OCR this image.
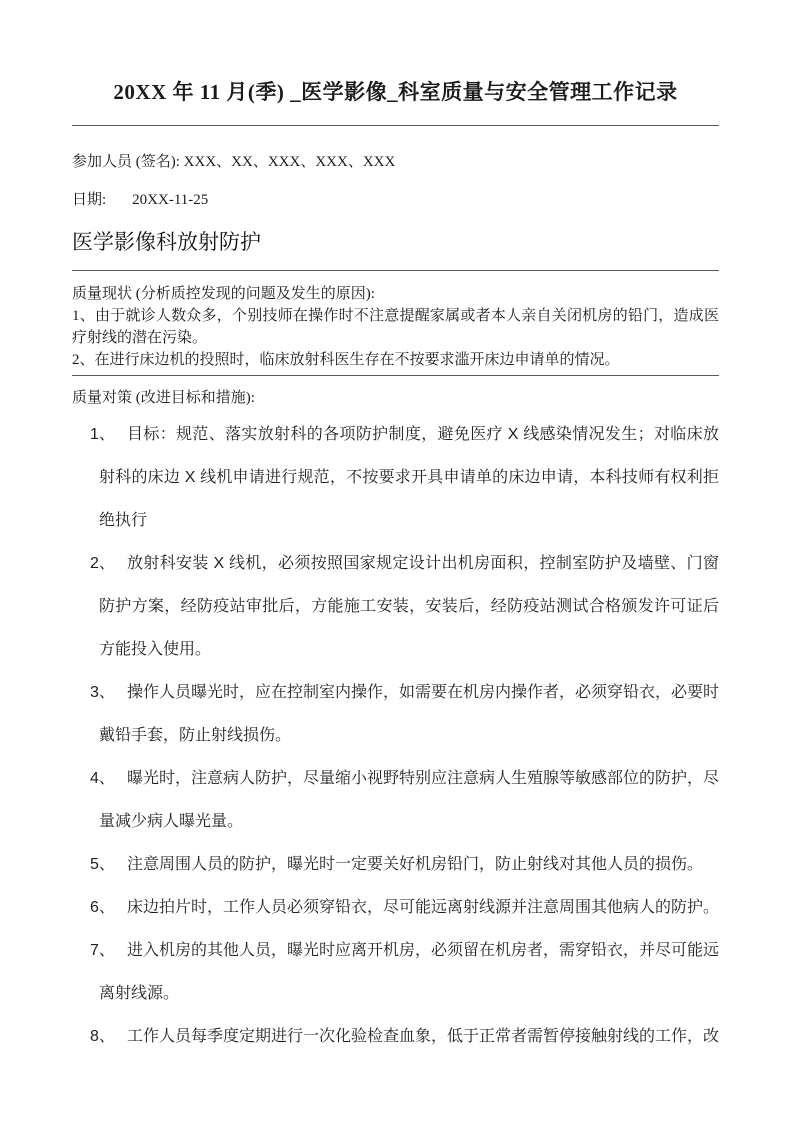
20XX 年 11 月(季) _医学影像_科室质量与安全管理工作记录
参加人员 (签名): XXX、XX、XXX、XXX、XXX
日期: 20XX-11-25
医学影像科放射防护
质量现状 (分析质控发现的问题及发生的原因):
1、由于就诊人数众多，个别技师在操作时不注意提醒家属或者本人亲自关闭机房的铅门，造成医疗射线的潜在污染。
2、在进行床边机的投照时，临床放射科医生存在不按要求滥开床边申请单的情况。
质量对策 (改进目标和措施):
1、 目标：规范、落实放射科的各项防护制度，避免医疗 X 线感染情况发生；对临床放射科的床边 X 线机申请进行规范，不按要求开具申请单的床边申请，本科技师有权利拒绝执行
2、 放射科安装 X 线机，必须按照国家规定设计出机房面积，控制室防护及墙壁、门窗防护方案，经防疫站审批后，方能施工安装，安装后，经防疫站测试合格颁发许可证后方能投入使用。
3、 操作人员曝光时，应在控制室内操作，如需要在机房内操作者，必须穿铅衣，必要时戴铅手套，防止射线损伤。
4、 曝光时，注意病人防护，尽量缩小视野特别应注意病人生殖腺等敏感部位的防护，尽量减少病人曝光量。
5、 注意周围人员的防护，曝光时一定要关好机房铅门，防止射线对其他人员的损伤。
6、 床边拍片时，工作人员必须穿铅衣，尽可能远离射线源并注意周围其他病人的防护。
7、 进入机房的其他人员，曝光时应离开机房，必须留在机房者，需穿铅衣，并尽可能远离射线源。
8、 工作人员每季度定期进行一次化验检查血象，低于正常者需暂停接触射线的工作，改
